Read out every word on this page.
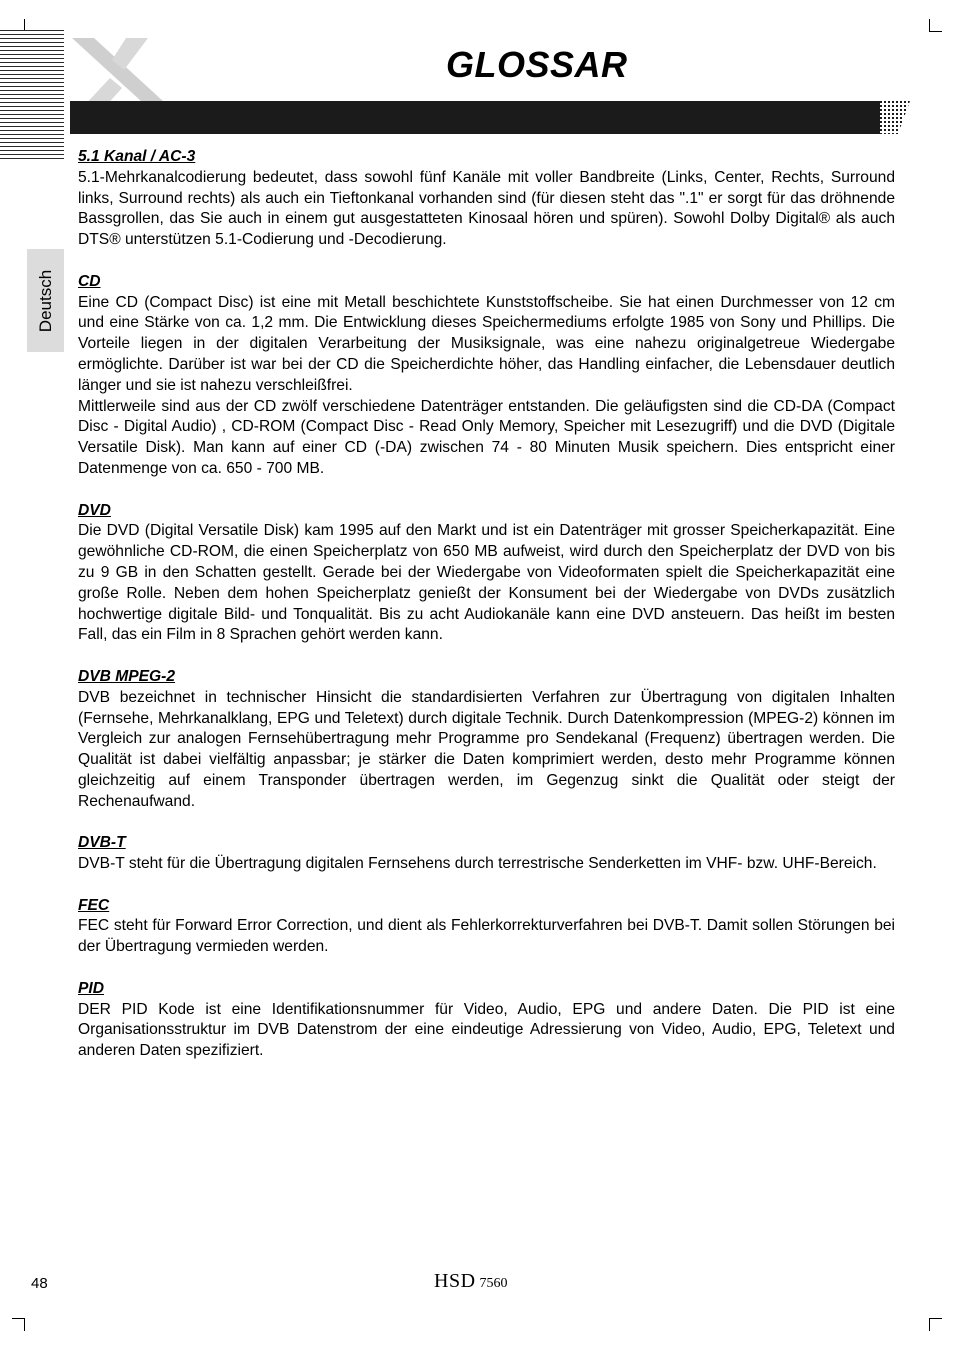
GLOSSAR
Deutsch
5.1 Kanal / AC-3

5.1-Mehrkanalcodierung bedeutet, dass sowohl fünf Kanäle mit voller Bandbreite (Links, Center, Rechts, Surround links, Surround rechts) als auch ein Tieftonkanal vorhanden sind (für diesen steht das ".1" er sorgt für das dröhnende Bassgrollen, das Sie auch in einem gut ausgestatteten Kinosaal hören und spüren). Sowohl Dolby Digital® als auch DTS® unterstützen 5.1-Codierung und -Decodierung.

CD

Eine CD (Compact Disc) ist eine mit Metall beschichtete Kunststoffscheibe. Sie hat einen Durchmesser von 12 cm und eine Stärke von ca. 1,2 mm. Die Entwicklung dieses Speichermediums erfolgte 1985 von Sony und Phillips. Die Vorteile liegen in der digitalen Verarbeitung der Musiksignale, was eine nahezu originalgetreue Wiedergabe ermöglichte. Darüber ist war bei der CD die Speicherdichte höher, das Handling einfacher, die Lebensdauer deutlich länger und sie ist nahezu verschleißfrei.
Mittlerweile sind aus der CD zwölf verschiedene Datenträger entstanden. Die geläufigsten sind die CD-DA (Compact Disc - Digital Audio) , CD-ROM (Compact Disc - Read Only Memory, Speicher mit Lesezugriff) und die DVD (Digitale Versatile Disk). Man kann auf einer CD (-DA) zwischen 74 - 80 Minuten Musik speichern. Dies entspricht einer Datenmenge von ca. 650 - 700 MB.

DVD

Die DVD (Digital Versatile Disk) kam 1995 auf den Markt und ist ein Datenträger mit grosser Speicherkapazität. Eine gewöhnliche CD-ROM, die einen Speicherplatz von 650 MB aufweist, wird durch den Speicherplatz der DVD von bis zu 9 GB in den Schatten gestellt. Gerade bei der Wiedergabe von Videoformaten spielt die Speicherkapazität eine große Rolle. Neben dem hohen Speicherplatz genießt der Konsument bei der Wiedergabe von DVDs zusätzlich hochwertige digitale Bild- und Tonqualität. Bis zu acht Audiokanäle kann eine DVD ansteuern. Das heißt im besten Fall, das ein Film in 8 Sprachen gehört werden kann.

DVB MPEG-2

DVB bezeichnet in technischer Hinsicht die standardisierten Verfahren zur Übertragung von digitalen Inhalten (Fernsehe, Mehrkanalklang, EPG und Teletext) durch digitale Technik. Durch Datenkompression (MPEG-2) können im Vergleich zur analogen Fernsehübertragung mehr Programme pro Sendekanal (Frequenz) übertragen werden. Die Qualität ist dabei vielfältig anpassbar; je stärker die Daten komprimiert werden, desto mehr Programme können gleichzeitig auf einem Transponder übertragen werden, im Gegenzug sinkt die Qualität oder steigt der Rechenaufwand.

DVB-T

DVB-T steht für die Übertragung digitalen Fernsehens durch terrestrische Senderketten im VHF- bzw. UHF-Bereich.

FEC

FEC steht für Forward Error Correction, und dient als Fehlerkorrekturverfahren bei DVB-T. Damit sollen Störungen bei der Übertragung vermieden werden.

PID

DER PID Kode ist eine Identifikationsnummer für Video, Audio, EPG und andere Daten. Die PID ist eine Organisationsstruktur im DVB Datenstrom der eine eindeutige Adressierung von Video, Audio, EPG, Teletext und anderen Daten spezifiziert.

48	HSD 7560
